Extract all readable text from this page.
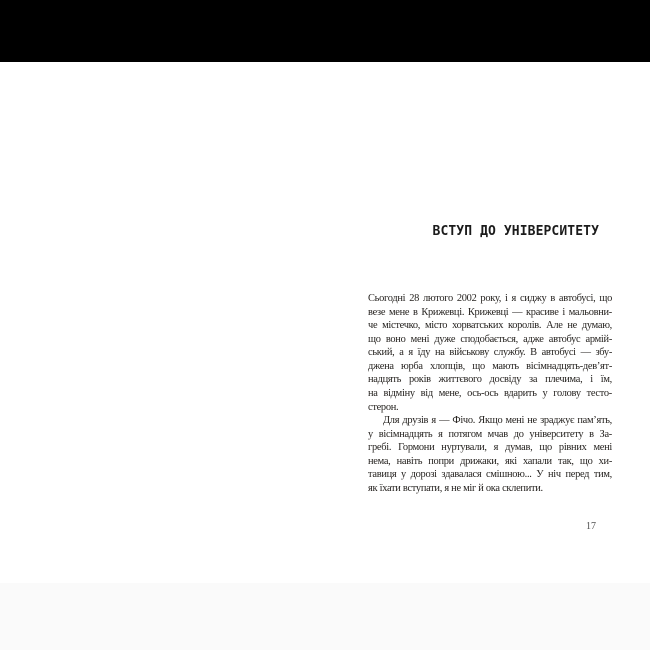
ВСТУП ДО УНІВЕРСИТЕТУ
Сьогодні 28 лютого 2002 року, і я сиджу в автобусі, що
везе мене в Крижевці. Крижевці — красиве і мальовни-
че містечко, місто хорватських королів. Але не думаю,
що воно мені дуже сподобається, адже автобус армій-
ський, а я їду на військову службу. В автобусі — збу-
джена юрба хлопців, що мають вісімнадцять-дев’ят-
надцять років життєвого досвіду за плечима, і їм,
на відміну від мене, ось-ось вдарить у голову тесто-
стерон.
Для друзів я — Фічо. Якщо мені не зраджує пам’ять,
у вісімнадцять я потягом мчав до університету в За-
гребі. Гормони нуртували, я думав, що рівних мені
нема, навіть попри дрижаки, які хапали так, що хи-
тавиця у дорозі здавалася смішною... У ніч перед тим,
як їхати вступати, я не міг й ока склепити.
17
